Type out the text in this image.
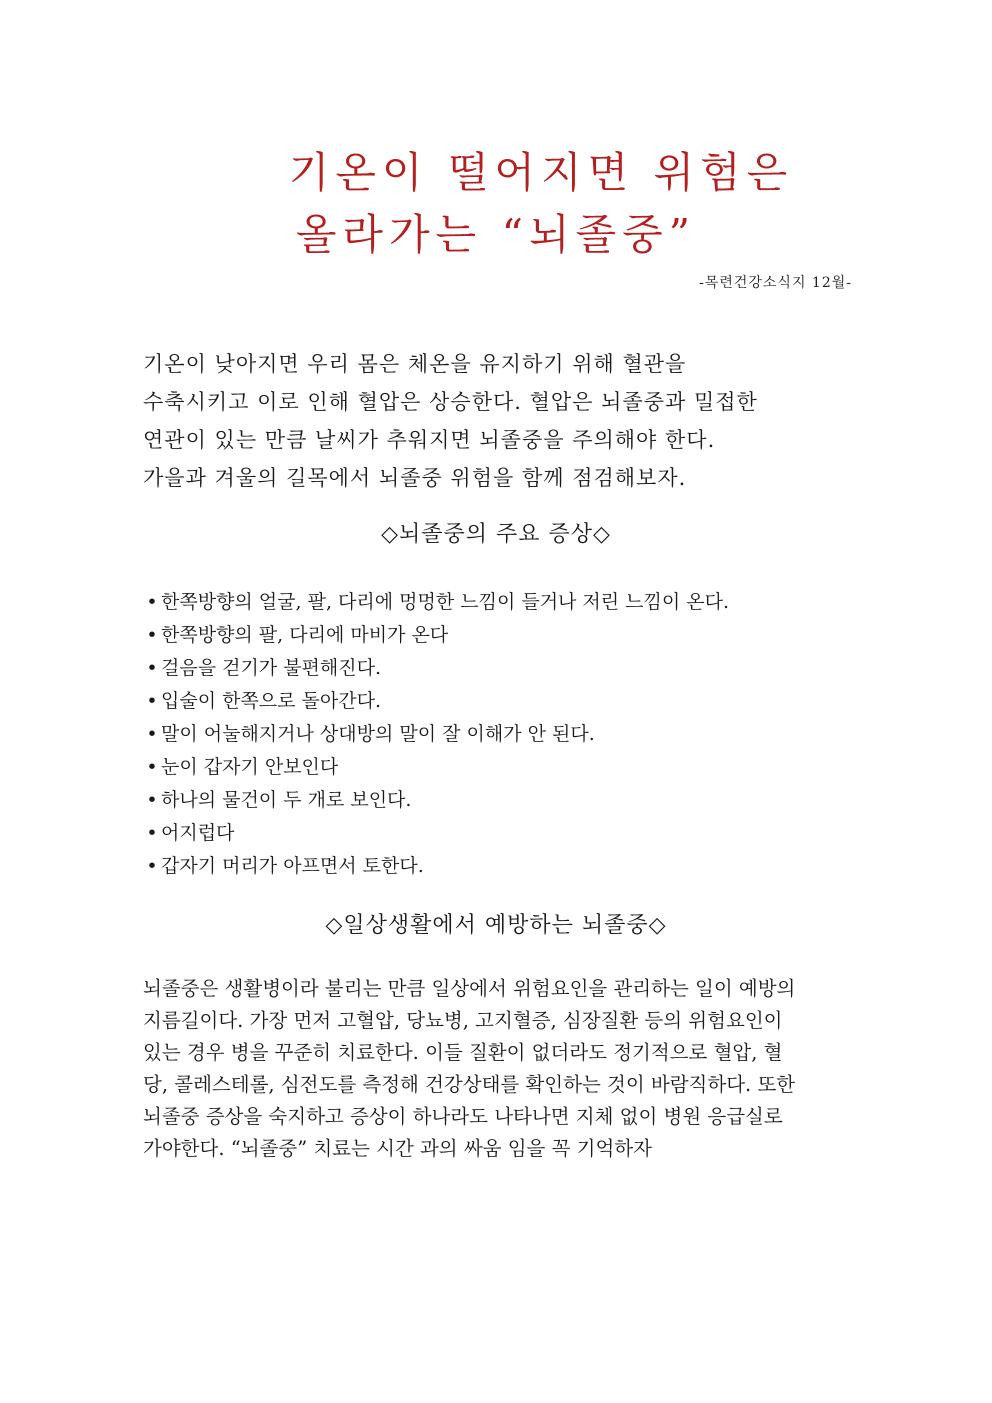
기온이 떨어지면 위험은
올라가는 “뇌졸중”
-목련건강소식지 12월-
기온이 낮아지면 우리 몸은 체온을 유지하기 위해 혈관을
수축시키고 이로 인해 혈압은 상승한다. 혈압은 뇌졸중과 밀접한
연관이 있는 만큼 날씨가 추워지면 뇌졸중을 주의해야 한다.
가을과 겨울의 길목에서 뇌졸중 위험을 함께 점검해보자.
◇뇌졸중의 주요 증상◇
• 한쪽방향의 얼굴, 팔, 다리에 멍멍한 느낌이 들거나 저린 느낌이 온다.
• 한쪽방향의 팔, 다리에 마비가 온다
• 걸음을 걷기가 불편해진다.
• 입술이 한쪽으로 돌아간다.
• 말이 어눌해지거나 상대방의 말이 잘 이해가 안 된다.
• 눈이 갑자기 안보인다
• 하나의 물건이 두 개로 보인다.
• 어지럽다
• 갑자기 머리가 아프면서 토한다.
◇일상생활에서 예방하는 뇌졸중◇
뇌졸중은 생활병이라 불리는 만큼 일상에서 위험요인을 관리하는 일이 예방의
지름길이다. 가장 먼저 고혈압, 당뇨병, 고지혈증, 심장질환 등의 위험요인이
있는 경우 병을 꾸준히 치료한다. 이들 질환이 없더라도 정기적으로 혈압, 혈
당, 콜레스테롤, 심전도를 측정해 건강상태를 확인하는 것이 바람직하다. 또한
뇌졸중 증상을 숙지하고 증상이 하나라도 나타나면 지체 없이 병원 응급실로
가야한다. “뇌졸중” 치료는 시간 과의 싸움 임을 꼭 기억하자
